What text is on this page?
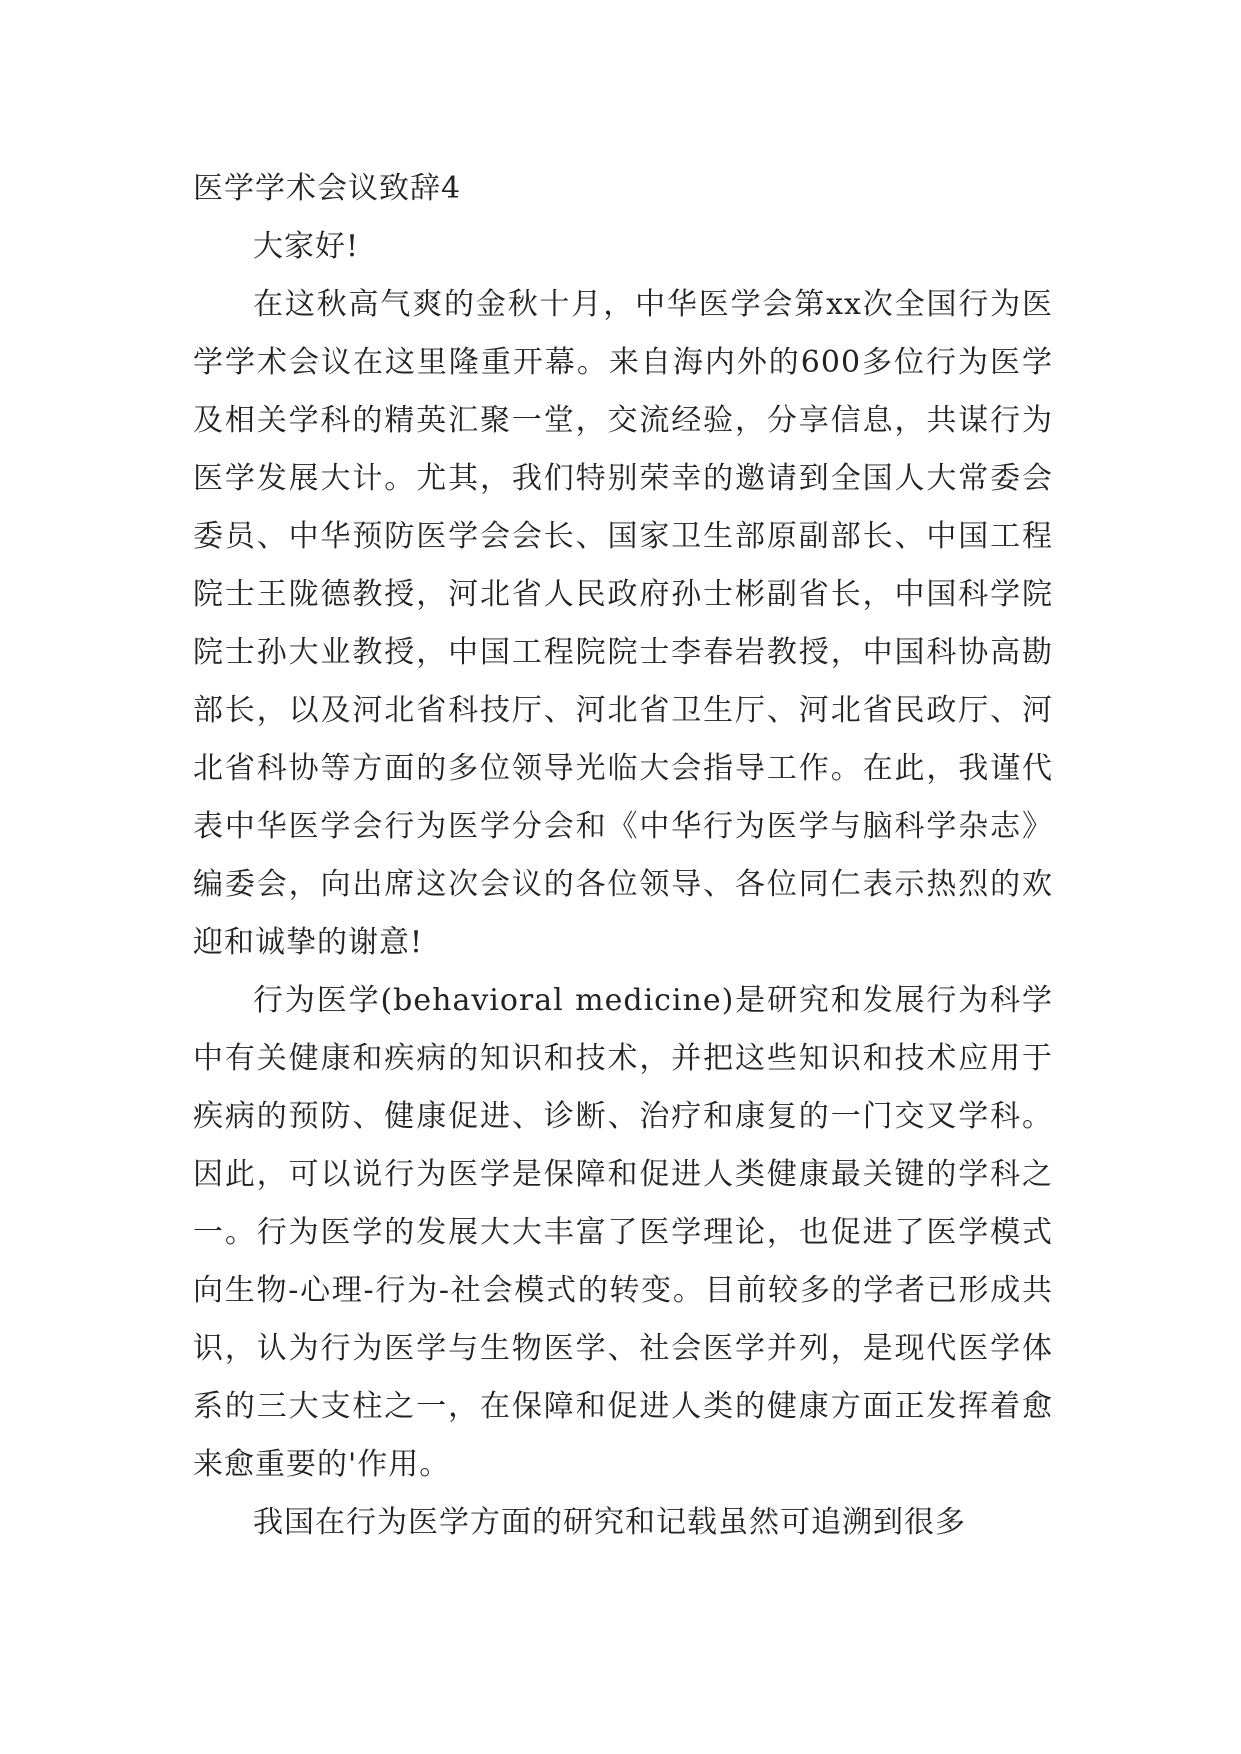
医学学术会议致辞4

大家好!

在这秋高气爽的金秋十月，中华医学会第xx次全国行为医学学术会议在这里隆重开幕。来自海内外的600多位行为医学及相关学科的精英汇聚一堂，交流经验，分享信息，共谋行为医学发展大计。尤其，我们特别荣幸的邀请到全国人大常委会委员、中华预防医学会会长、国家卫生部原副部长、中国工程院士王陇德教授，河北省人民政府孙士彬副省长，中国科学院院士孙大业教授，中国工程院院士李春岩教授，中国科协高勘部长，以及河北省科技厅、河北省卫生厅、河北省民政厅、河北省科协等方面的多位领导光临大会指导工作。在此，我谨代表中华医学会行为医学分会和《中华行为医学与脑科学杂志》编委会，向出席这次会议的各位领导、各位同仁表示热烈的欢迎和诚挚的谢意!

行为医学(behavioral medicine)是研究和发展行为科学中有关健康和疾病的知识和技术，并把这些知识和技术应用于疾病的预防、健康促进、诊断、治疗和康复的一门交叉学科。因此，可以说行为医学是保障和促进人类健康最关键的学科之一。行为医学的发展大大丰富了医学理论，也促进了医学模式向生物-心理-行为-社会模式的转变。目前较多的学者已形成共识，认为行为医学与生物医学、社会医学并列，是现代医学体系的三大支柱之一，在保障和促进人类的健康方面正发挥着愈来愈重要的'作用。

我国在行为医学方面的研究和记载虽然可追溯到很多
